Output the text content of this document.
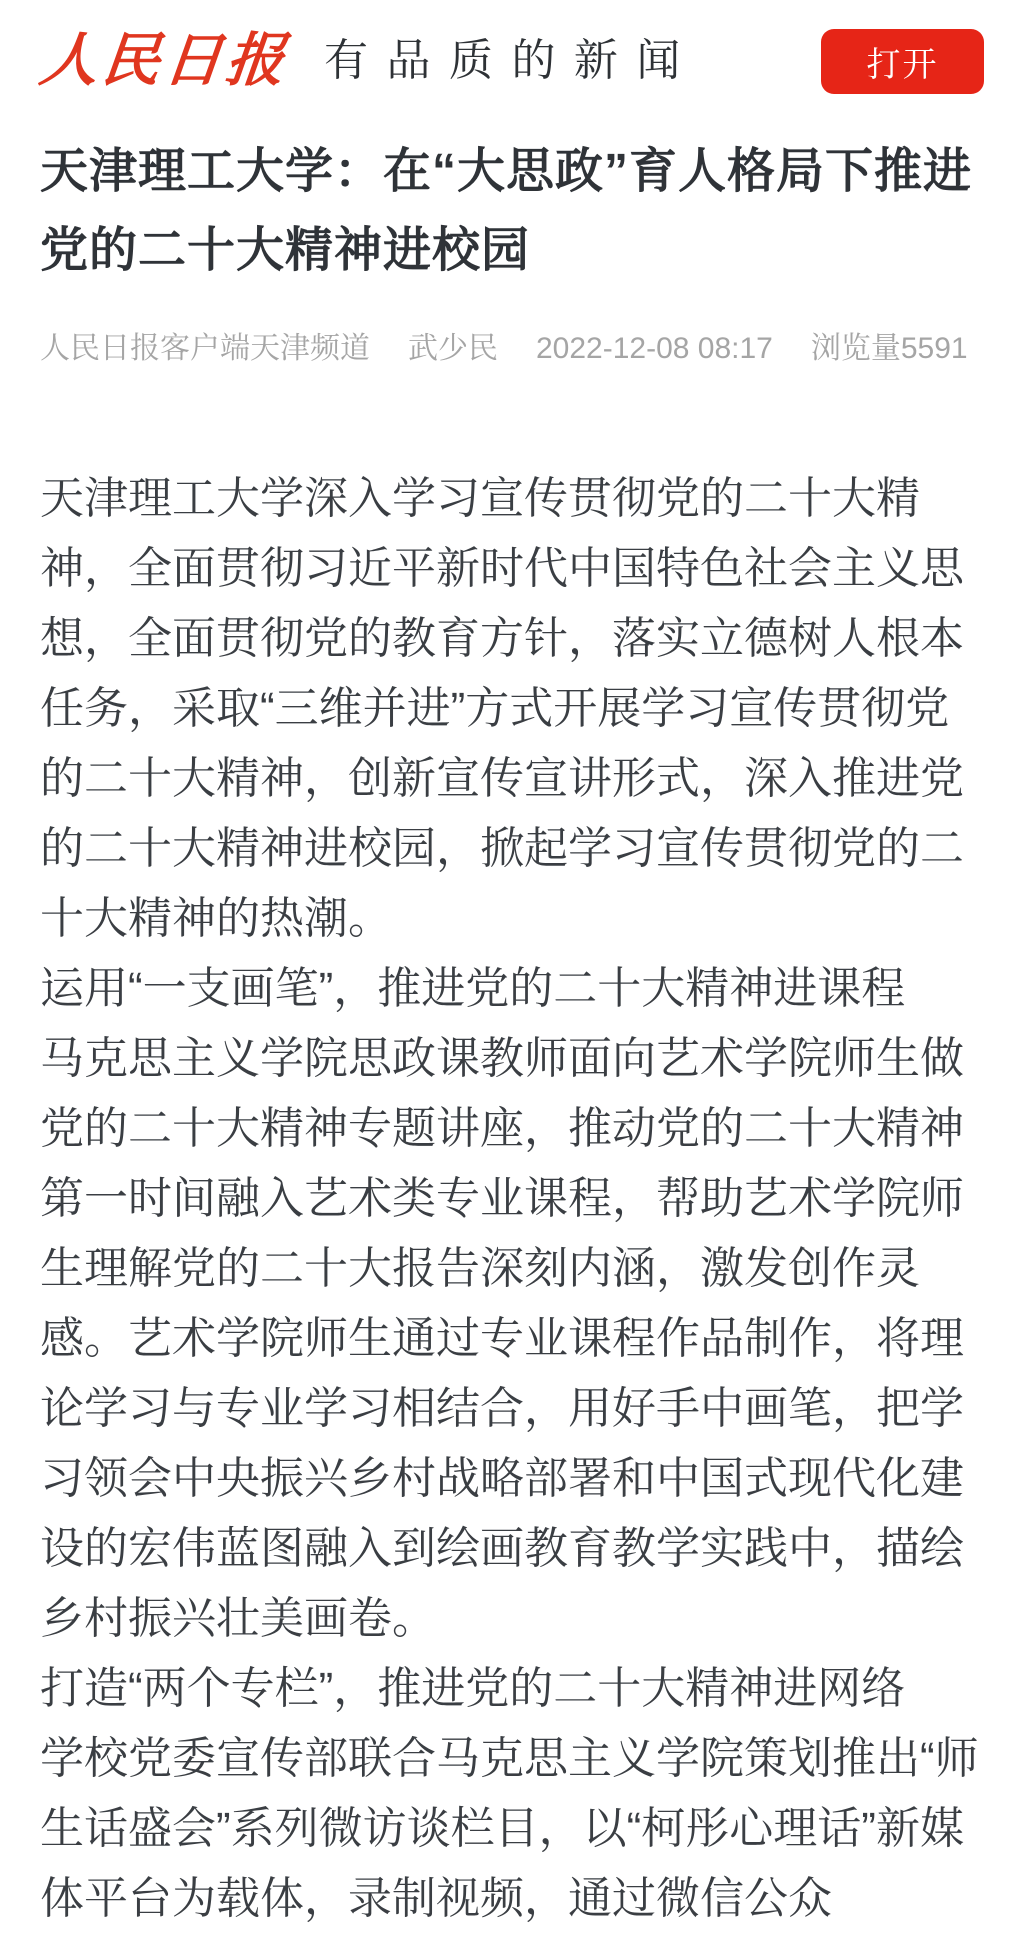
人民日报 有品质的新闻	打开
天津理工大学：在“大思政”育人格局下推进党的二十大精神进校园
人民日报客户端天津频道 武少民 2022-12-08 08:17 浏览量5591

天津理工大学深入学习宣传贯彻党的二十大精神，全面贯彻习近平新时代中国特色社会主义思想，全面贯彻党的教育方针，落实立德树人根本任务，采取“三维并进”方式开展学习宣传贯彻党的二十大精神，创新宣传宣讲形式，深入推进党的二十大精神进校园，掀起学习宣传贯彻党的二十大精神的热潮。

运用“一支画笔”，推进党的二十大精神进课程

马克思主义学院思政课教师面向艺术学院师生做党的二十大精神专题讲座，推动党的二十大精神第一时间融入艺术类专业课程，帮助艺术学院师生理解党的二十大报告深刻内涵，激发创作灵感。艺术学院师生通过专业课程作品制作，将理论学习与专业学习相结合，用好手中画笔，把学习领会中央振兴乡村战略部署和中国式现代化建设的宏伟蓝图融入到绘画教育教学实践中，描绘乡村振兴壮美画卷。

打造“两个专栏”，推进党的二十大精神进网络

学校党委宣传部联合马克思主义学院策划推出“师生话盛会”系列微访谈栏目，以“柯彤心理话”新媒体平台为载体，录制视频，通过微信公众
